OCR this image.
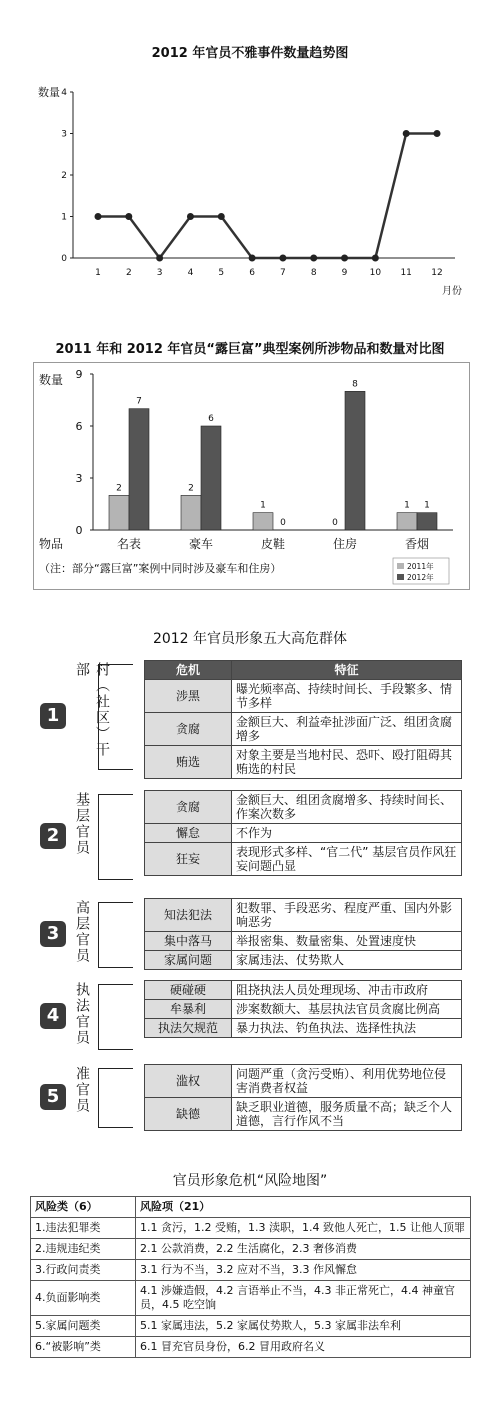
2012 年官员不雅事件数量趋势图
数量
0
1
2
3
4
1	2	3	4	5	6	7	8	9 10 11 12
月份
2011 年和 2012 年官员“露巨富”典型案例所涉物品和数量对比图
数量
0
3
6
9
物品	名表
2
7
豪车
2
6
皮鞋
1
0
住房
0
8
香烟
1 1
（注：部分“露巨富”案例中同时涉及豪车和住房）	2011年
2012年
2012 年官员形象五大高危群体
1	村（社区）干部	危机	特征
涉黑	曝光频率高、持续时间长、手段繁多、情节多样
贪腐	金额巨大、利益牵扯涉面广泛、组团贪腐增多
贿选	对象主要是当地村民、恐吓、殴打阻碍其贿选的村民
2	基层官员	贪腐	金额巨大、组团贪腐增多、持续时间长、作案次数多
懈怠	不作为
狂妄	表现形式多样、“官二代” 基层官员作风狂妄问题凸显
3	高层官员	知法犯法	犯数罪、手段恶劣、程度严重、国内外影响恶劣
集中落马	举报密集、数量密集、处置速度快
家属问题	家属违法、仗势欺人
4	执法官员	硬碰硬	阻挠执法人员处理现场、冲击市政府
牟暴利	涉案数额大、基层执法官员贪腐比例高
执法欠规范	暴力执法、钓鱼执法、选择性执法
5	准官员	滥权	问题严重（贪污受贿）、利用优势地位侵害消费者权益
缺德	缺乏职业道德，服务质量不高；缺乏个人道德，言行作风不当
官员形象危机“风险地图”
风险类（6）	风险项（21）
1.违法犯罪类	1.1 贪污，1.2 受贿，1.3 渎职，1.4 致他人死亡，1.5 让他人顶罪
2.违规违纪类	2.1 公款消费，2.2 生活腐化，2.3 奢侈消费
3.行政问责类	3.1 行为不当，3.2 应对不当，3.3 作风懈怠
4.负面影响类	4.1 涉嫌造假，4.2 言语举止不当，4.3 非正常死亡，4.4 神童官员，4.5 吃空饷
5.家属问题类	5.1 家属违法，5.2 家属仗势欺人，5.3 家属非法牟利
6.“被影响”类	6.1 冒充官员身份，6.2 冒用政府名义
